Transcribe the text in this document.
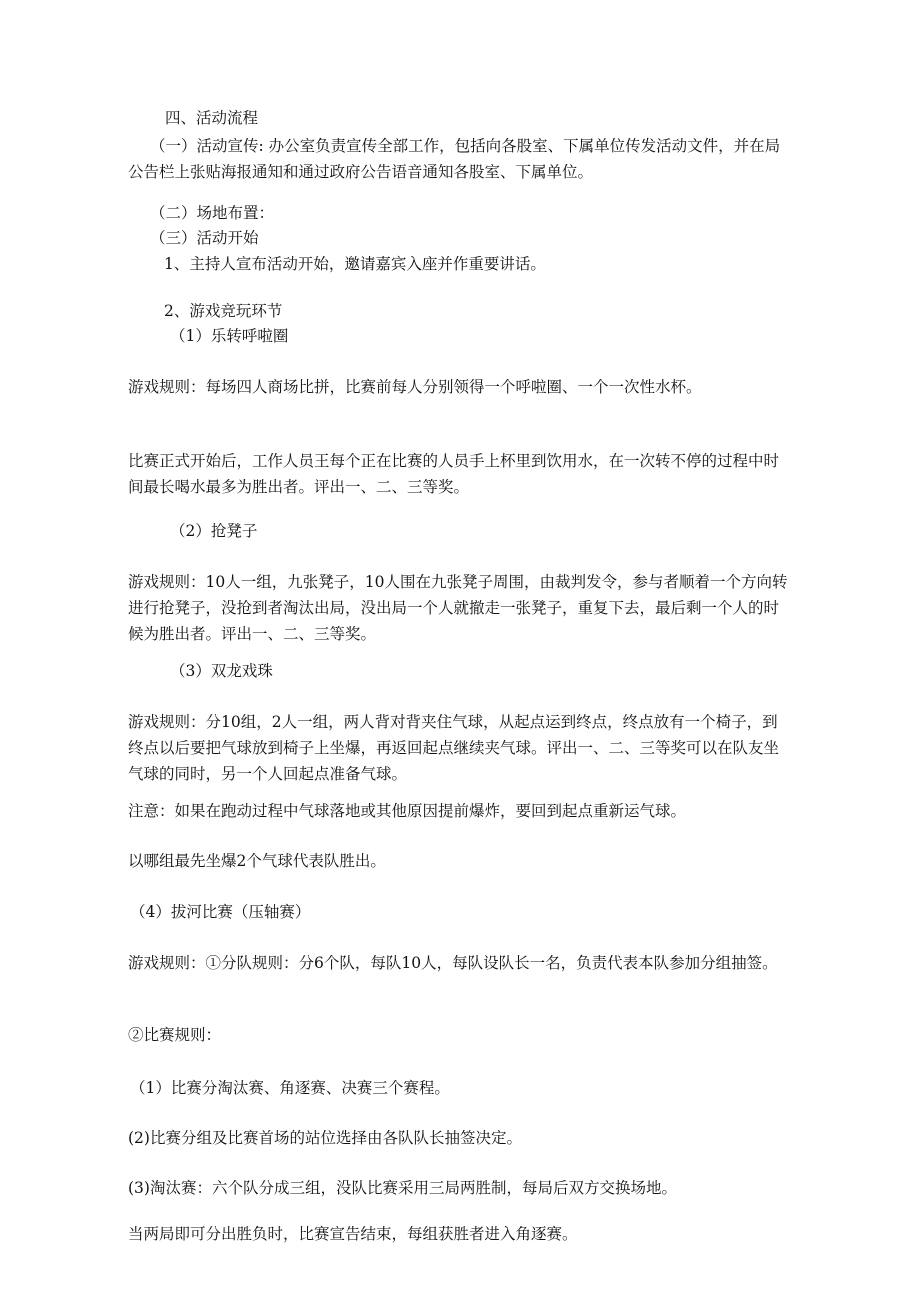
四、活动流程

（一）活动宣传: 办公室负责宣传全部工作，包括向各股室、下属单位传发活动文件，并在局公告栏上张贴海报通知和通过政府公告语音通知各股室、下属单位。

（二）场地布置：

（三）活动开始

1、主持人宣布活动开始，邀请嘉宾入座并作重要讲话。

2、游戏竞玩环节

（1）乐转呼啦圈

游戏规则：每场四人商场比拼，比赛前每人分别领得一个呼啦圈、一个一次性水杯。

比赛正式开始后，工作人员王每个正在比赛的人员手上杯里到饮用水，在一次转不停的过程中时间最长喝水最多为胜出者。评出一、二、三等奖。

（2）抢凳子

游戏规则：10人一组，九张凳子，10人围在九张凳子周围，由裁判发令，参与者顺着一个方向转进行抢凳子，没抢到者淘汰出局，没出局一个人就撤走一张凳子，重复下去，最后剩一个人的时候为胜出者。评出一、二、三等奖。

（3）双龙戏珠

游戏规则：分10组，2人一组，两人背对背夹住气球，从起点运到终点，终点放有一个椅子，到终点以后要把气球放到椅子上坐爆，再返回起点继续夹气球。评出一、二、三等奖可以在队友坐气球的同时，另一个人回起点准备气球。

注意：如果在跑动过程中气球落地或其他原因提前爆炸，要回到起点重新运气球。

以哪组最先坐爆2个气球代表队胜出。

（4）拔河比赛（压轴赛）

游戏规则：①分队规则：分6个队，每队10人，每队设队长一名，负责代表本队参加分组抽签。

②比赛规则：

（1）比赛分淘汰赛、角逐赛、决赛三个赛程。

(2)比赛分组及比赛首场的站位选择由各队队长抽签决定。

(3)淘汰赛：六个队分成三组，没队比赛采用三局两胜制，每局后双方交换场地。

当两局即可分出胜负时，比赛宣告结束，每组获胜者进入角逐赛。
